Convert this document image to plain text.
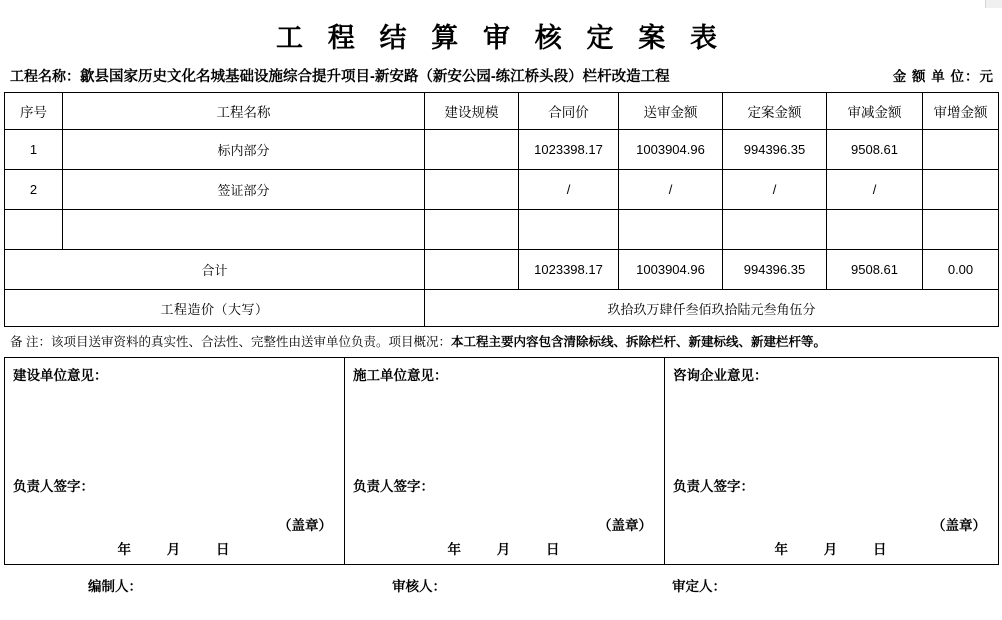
工 程 结 算 审 核 定 案 表
工程名称： 歙县国家历史文化名城基础设施综合提升项目-新安路（新安公园-练江桥头段）栏杆改造工程	金 额 单 位：元
序号	工程名称	建设规模	合同价	送审金额	定案金额	审减金额	审增金额
1	标内部分		1023398.17	1003904.96	994396.35	9508.61	
2	签证部分		/	/	/	/	

合计			1023398.17	1003904.96	994396.35	9508.61	0.00
工程造价（大写）		玖拾玖万肆仟叁佰玖拾陆元叁角伍分					
备 注：该项目送审资料的真实性、合法性、完整性由送审单位负责。项目概况：本工程主要内容包含清除标线、拆除栏杆、新建标线、新建栏杆等。
建设单位意见：
负责人签字：
（盖章）
年	月	日

施工单位意见：
负责人签字：
（盖章）
年	月	日

咨询企业意见：
负责人签字：
（盖章）
年	月	日
编制人：	审核人：	审定人：
